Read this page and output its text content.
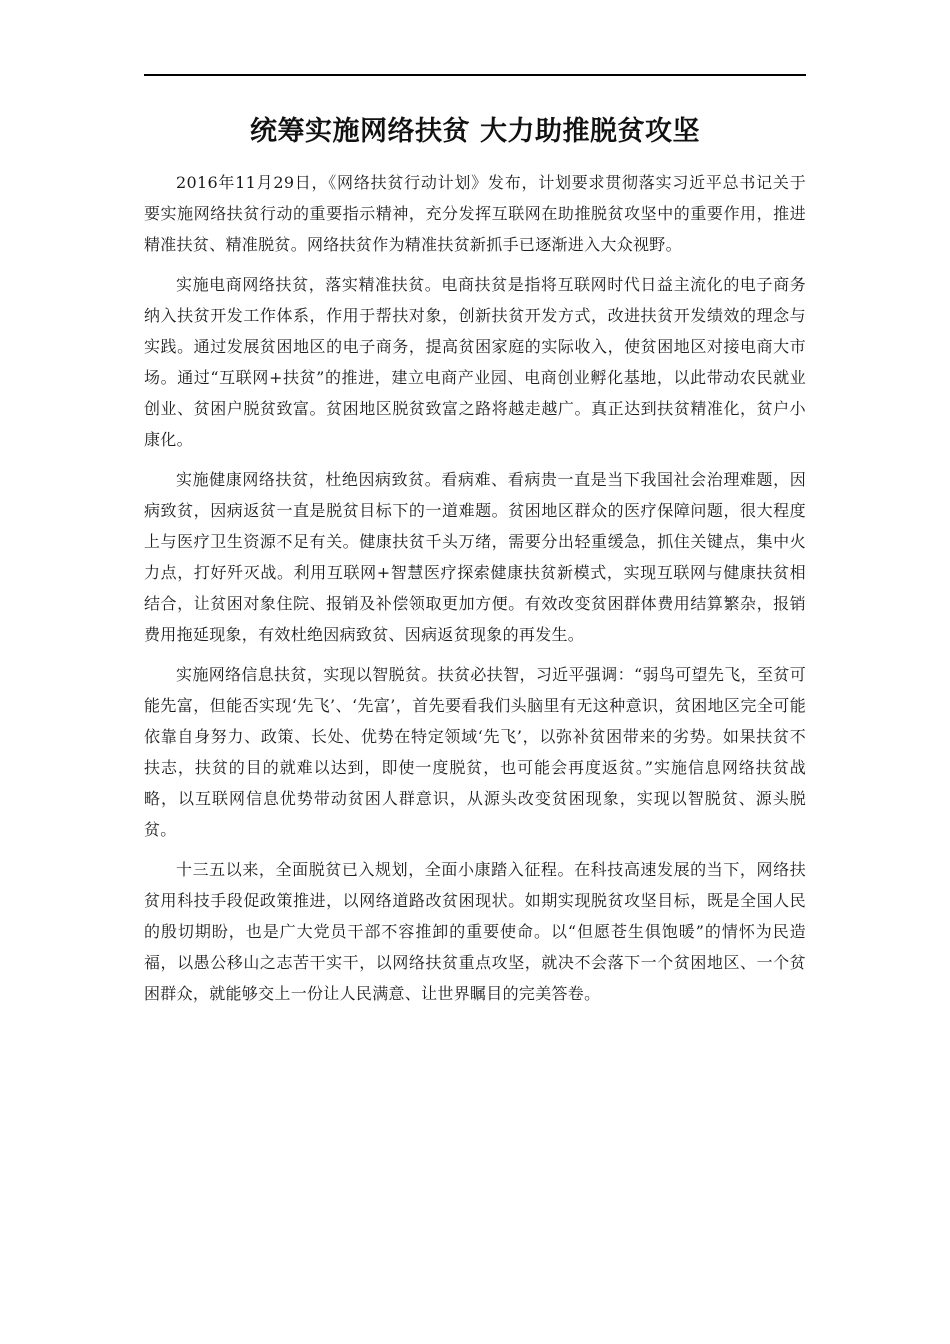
统筹实施网络扶贫 大力助推脱贫攻坚

2016年11月29日，《网络扶贫行动计划》发布，计划要求贯彻落实习近平总书记关于要实施网络扶贫行动的重要指示精神，充分发挥互联网在助推脱贫攻坚中的重要作用，推进精准扶贫、精准脱贫。网络扶贫作为精准扶贫新抓手已逐渐进入大众视野。

实施电商网络扶贫，落实精准扶贫。电商扶贫是指将互联网时代日益主流化的电子商务纳入扶贫开发工作体系，作用于帮扶对象，创新扶贫开发方式，改进扶贫开发绩效的理念与实践。通过发展贫困地区的电子商务，提高贫困家庭的实际收入，使贫困地区对接电商大市场。通过“互联网+扶贫”的推进，建立电商产业园、电商创业孵化基地，以此带动农民就业创业、贫困户脱贫致富。贫困地区脱贫致富之路将越走越广。真正达到扶贫精准化，贫户小康化。

实施健康网络扶贫，杜绝因病致贫。看病难、看病贵一直是当下我国社会治理难题，因病致贫，因病返贫一直是脱贫目标下的一道难题。贫困地区群众的医疗保障问题，很大程度上与医疗卫生资源不足有关。健康扶贫千头万绪，需要分出轻重缓急，抓住关键点，集中火力点，打好歼灭战。利用互联网+智慧医疗探索健康扶贫新模式，实现互联网与健康扶贫相结合，让贫困对象住院、报销及补偿领取更加方便。有效改变贫困群体费用结算繁杂，报销费用拖延现象，有效杜绝因病致贫、因病返贫现象的再发生。

实施网络信息扶贫，实现以智脱贫。扶贫必扶智，习近平强调：“弱鸟可望先飞，至贫可能先富，但能否实现‘先飞’、‘先富’，首先要看我们头脑里有无这种意识，贫困地区完全可能依靠自身努力、政策、长处、优势在特定领域‘先飞’，以弥补贫困带来的劣势。如果扶贫不扶志，扶贫的目的就难以达到，即使一度脱贫，也可能会再度返贫。”实施信息网络扶贫战略，以互联网信息优势带动贫困人群意识，从源头改变贫困现象，实现以智脱贫、源头脱贫。

十三五以来，全面脱贫已入规划，全面小康踏入征程。在科技高速发展的当下，网络扶贫用科技手段促政策推进，以网络道路改贫困现状。如期实现脱贫攻坚目标，既是全国人民的殷切期盼，也是广大党员干部不容推卸的重要使命。以“但愿苍生俱饱暖”的情怀为民造福，以愚公移山之志苦干实干，以网络扶贫重点攻坚，就决不会落下一个贫困地区、一个贫困群众，就能够交上一份让人民满意、让世界瞩目的完美答卷。
